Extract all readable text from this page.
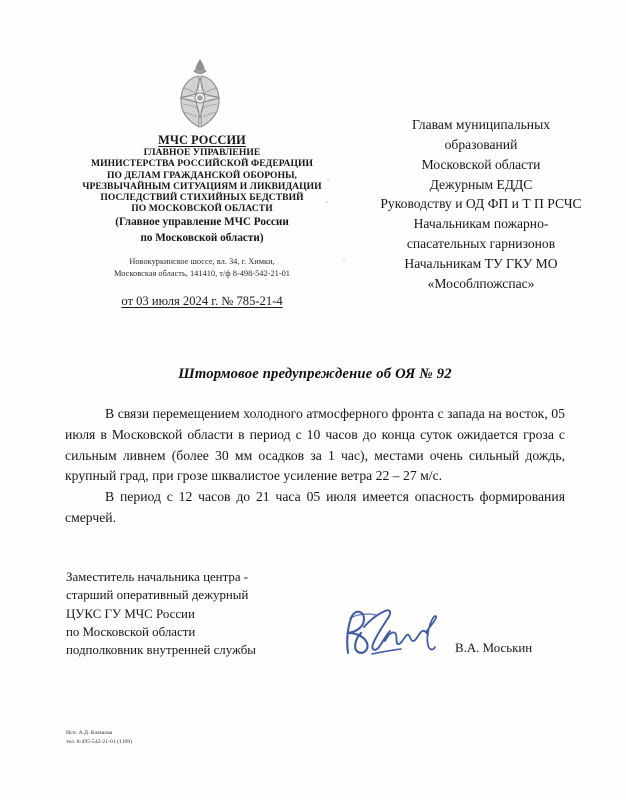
МЧС РОССИИ
ГЛАВНОЕ УПРАВЛЕНИЕ
МИНИСТЕРСТВА РОССИЙСКОЙ ФЕДЕРАЦИИ
ПО ДЕЛАМ ГРАЖДАНСКОЙ ОБОРОНЫ,
ЧРЕЗВЫЧАЙНЫМ СИТУАЦИЯМ И ЛИКВИДАЦИИ
ПОСЛЕДСТВИЙ СТИХИЙНЫХ БЕДСТВИЙ
ПО МОСКОВСКОЙ ОБЛАСТИ
(Главное управление МЧС России
по Московской области)
Новокуркинское шоссе, вл. 34, г. Химки,
Московская область, 141410, т/ф 8-498-542-21-01
от 03 июля 2024 г. № 785-21-4
Главам муниципальных
образований
Московской области
Дежурным ЕДДС
Руководству и ОД ФП и Т П РСЧС
Начальникам пожарно-
спасательных гарнизонов
Начальникам ТУ ГКУ МО
«Мособлпожспас»
Штормовое предупреждение об ОЯ № 92

В связи перемещением холодного атмосферного фронта с запада на восток, 05 июля в Московской области в период с 10 часов до конца суток ожидается гроза с сильным ливнем (более 30 мм осадков за 1 час), местами очень сильный дождь, крупный град, при грозе шквалистое усиление ветра 22 – 27 м/с.

В период с 12 часов до 21 часа 05 июля имеется опасность формирования смерчей.

Заместитель начальника центра -
старший оперативный дежурный
ЦУКС ГУ МЧС России
по Московской области
подполковник внутренней службы	В.А. Моськин
Исп. А.Д. Клешова
тел. 8-495-542-21-01 (1109)
